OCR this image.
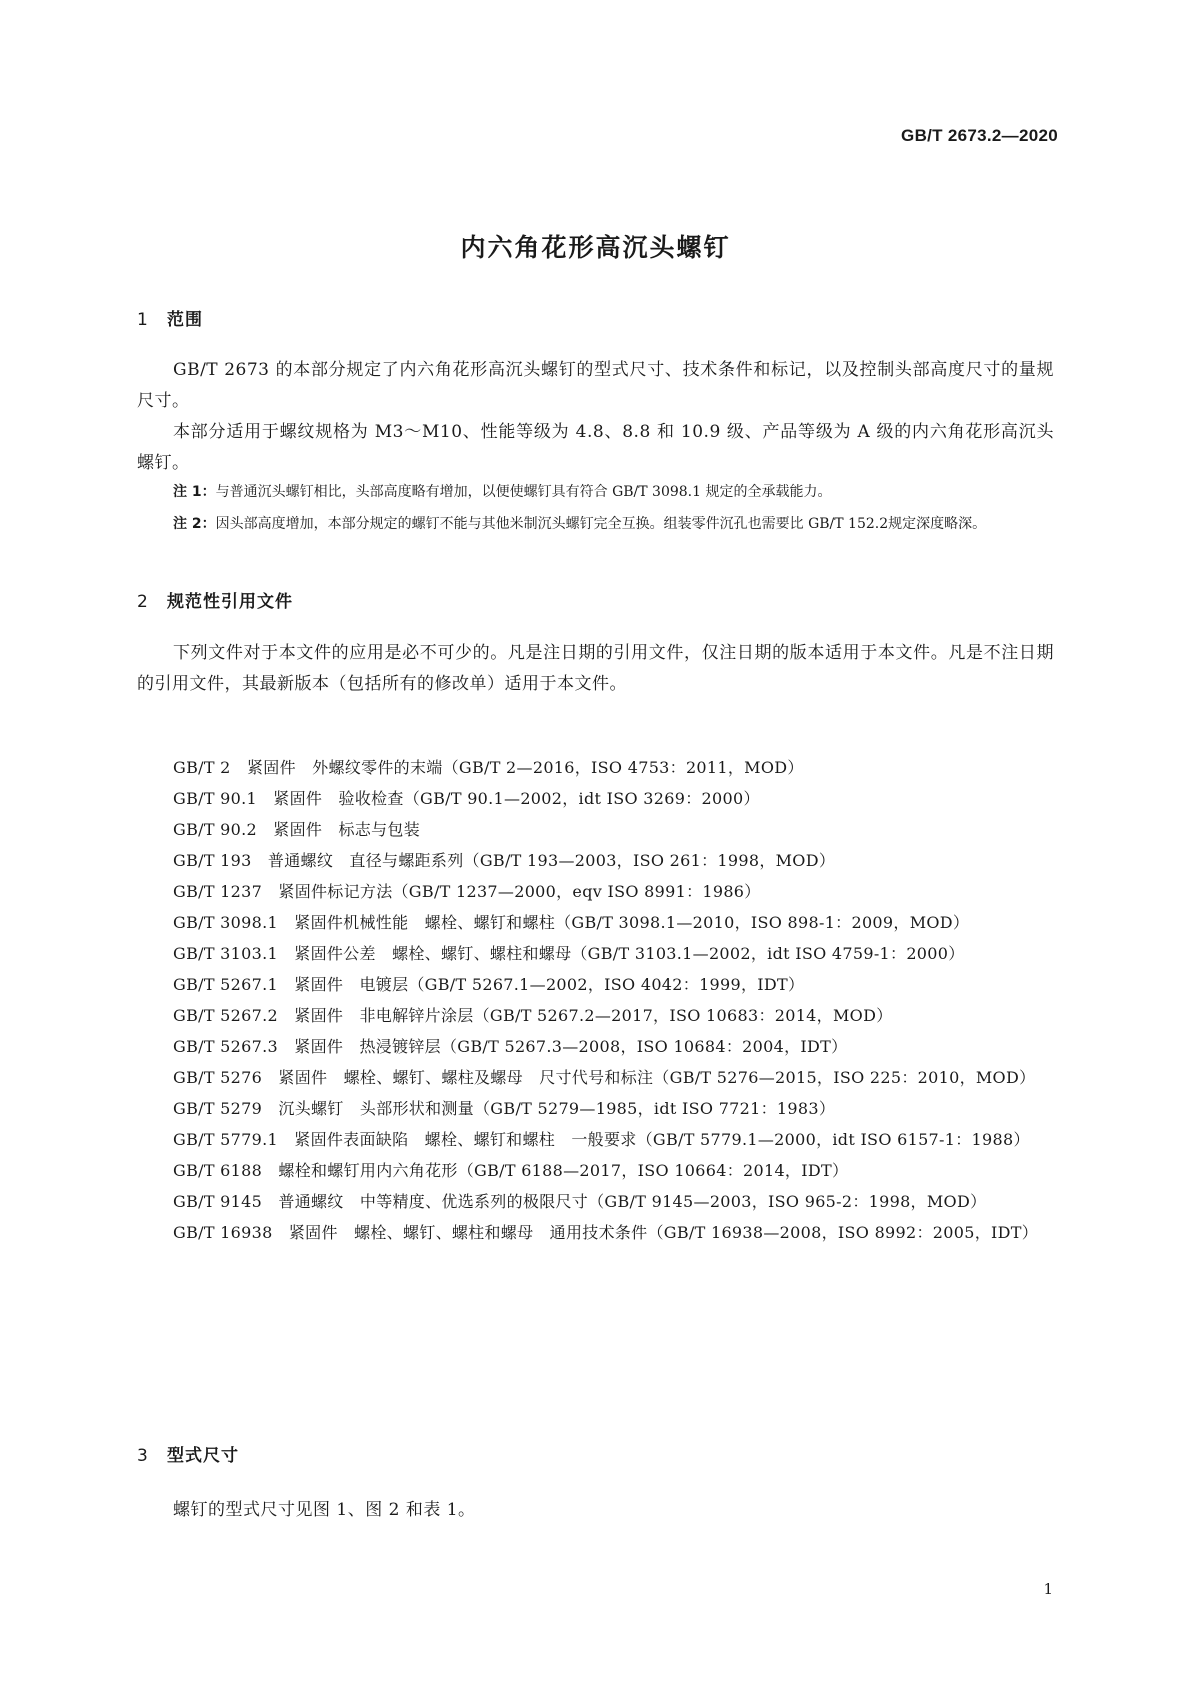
GB/T 2673.2—2020
内六角花形高沉头螺钉
1 范围
GB/T 2673 的本部分规定了内六角花形高沉头螺钉的型式尺寸、技术条件和标记，以及控制头部高度尺寸的量规尺寸。
本部分适用于螺纹规格为 M3～M10、性能等级为 4.8、8.8 和 10.9 级、产品等级为 A 级的内六角花形高沉头螺钉。
注 1：与普通沉头螺钉相比，头部高度略有增加，以便使螺钉具有符合 GB/T 3098.1 规定的全承载能力。
注 2：因头部高度增加，本部分规定的螺钉不能与其他米制沉头螺钉完全互换。组装零件沉孔也需要比 GB/T 152.2规定深度略深。
2 规范性引用文件
下列文件对于本文件的应用是必不可少的。凡是注日期的引用文件，仅注日期的版本适用于本文件。凡是不注日期的引用文件，其最新版本（包括所有的修改单）适用于本文件。
GB/T 2　紧固件　外螺纹零件的末端（GB/T 2—2016，ISO 4753：2011，MOD）
GB/T 90.1　紧固件　验收检查（GB/T 90.1—2002，idt ISO 3269：2000）
GB/T 90.2　紧固件　标志与包装
GB/T 193　普通螺纹　直径与螺距系列（GB/T 193—2003，ISO 261：1998，MOD）
GB/T 1237　紧固件标记方法（GB/T 1237—2000，eqv ISO 8991：1986）
GB/T 3098.1　紧固件机械性能　螺栓、螺钉和螺柱（GB/T 3098.1—2010，ISO 898-1：2009，MOD）
GB/T 3103.1　紧固件公差　螺栓、螺钉、螺柱和螺母（GB/T 3103.1—2002，idt ISO 4759-1：2000）
GB/T 5267.1　紧固件　电镀层（GB/T 5267.1—2002，ISO 4042：1999，IDT）
GB/T 5267.2　紧固件　非电解锌片涂层（GB/T 5267.2—2017，ISO 10683：2014，MOD）
GB/T 5267.3　紧固件　热浸镀锌层（GB/T 5267.3—2008，ISO 10684：2004，IDT）
GB/T 5276　紧固件　螺栓、螺钉、螺柱及螺母　尺寸代号和标注（GB/T 5276—2015，ISO 225：2010，MOD）
GB/T 5279　沉头螺钉　头部形状和测量（GB/T 5279—1985，idt ISO 7721：1983）
GB/T 5779.1　紧固件表面缺陷　螺栓、螺钉和螺柱　一般要求（GB/T 5779.1—2000，idt ISO 6157-1：1988）
GB/T 6188　螺栓和螺钉用内六角花形（GB/T 6188—2017，ISO 10664：2014，IDT）
GB/T 9145　普通螺纹　中等精度、优选系列的极限尺寸（GB/T 9145—2003，ISO 965-2：1998，MOD）
GB/T 16938　紧固件　螺栓、螺钉、螺柱和螺母　通用技术条件（GB/T 16938—2008，ISO 8992：2005，IDT）
3 型式尺寸
螺钉的型式尺寸见图 1、图 2 和表 1。
1
